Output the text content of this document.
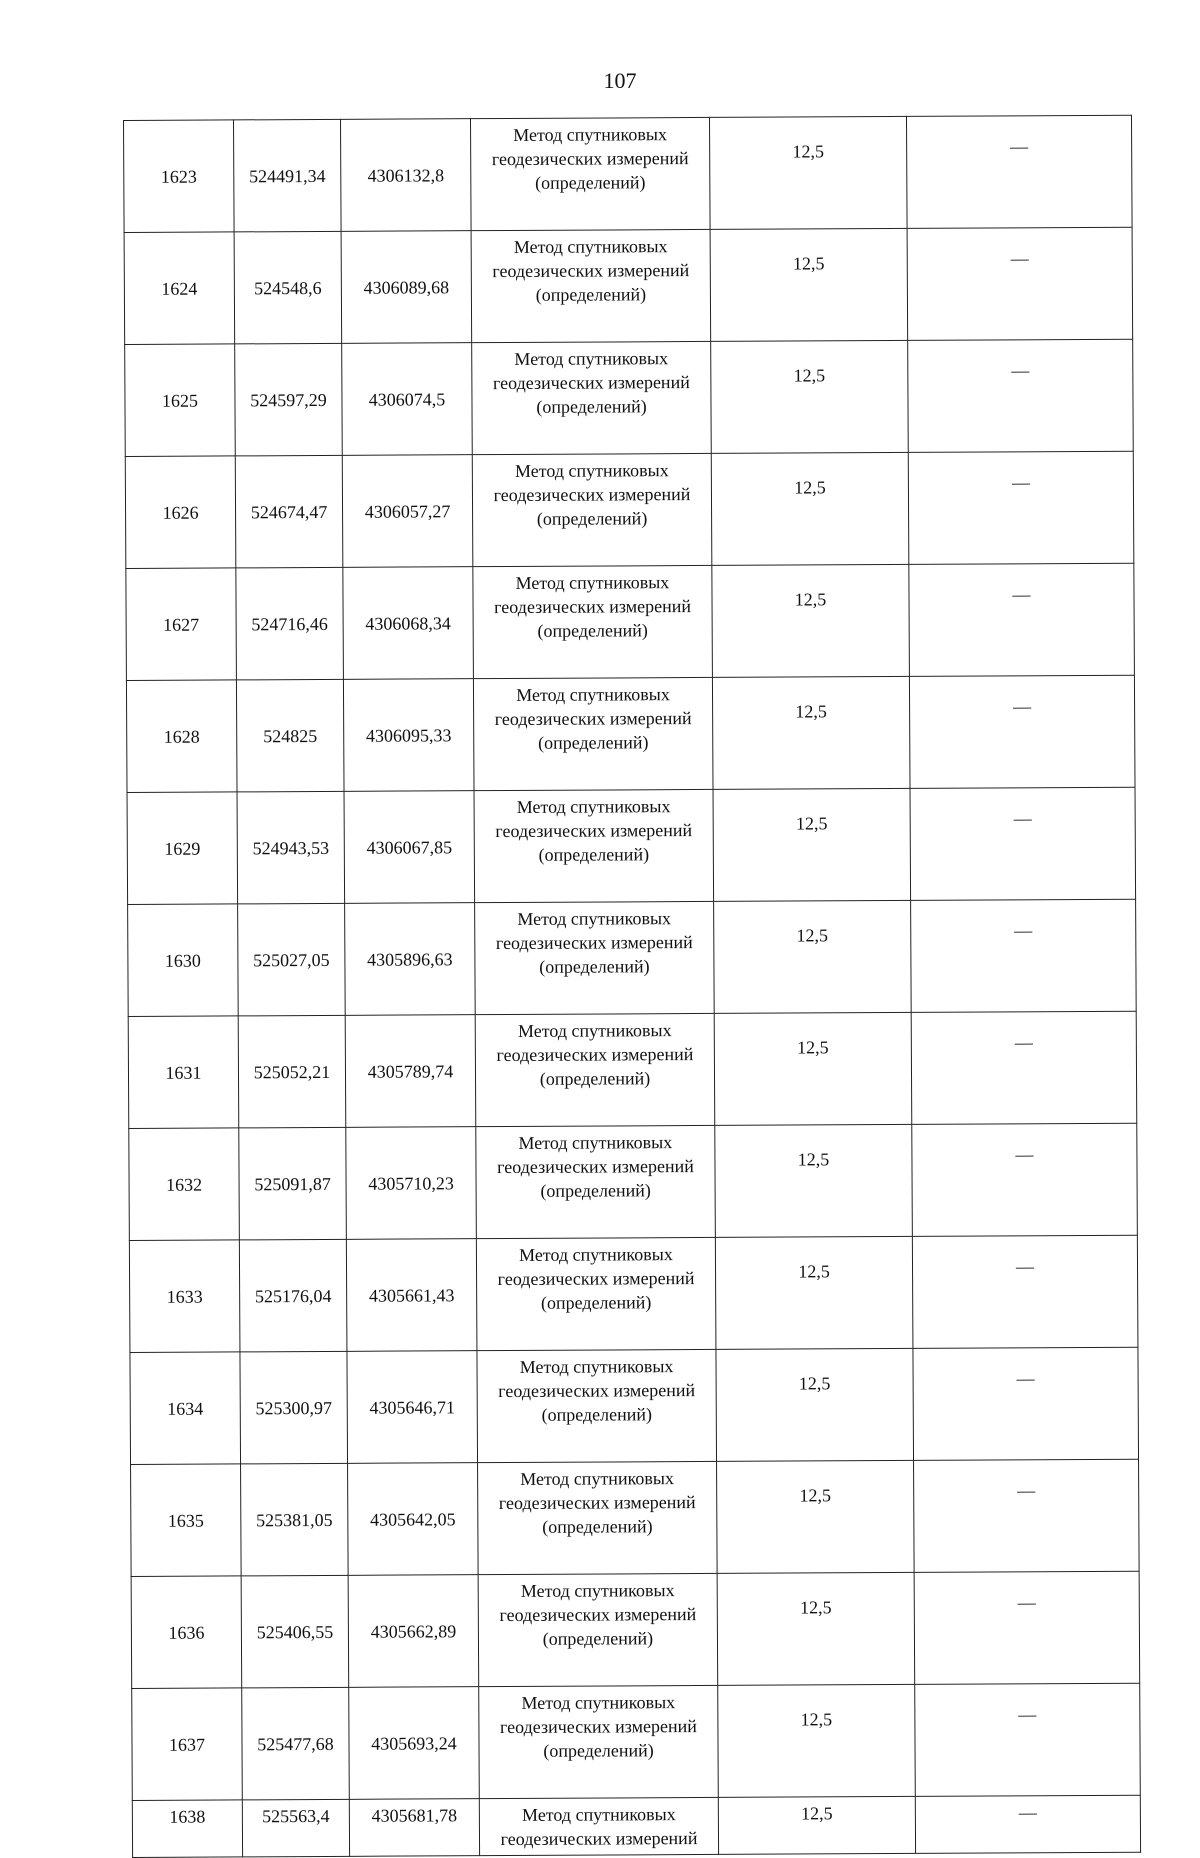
107
1623	524491,34	4306132,8	Метод спутниковых
геодезических измерений
(определений)	12,5	—
1624	524548,6	4306089,68	Метод спутниковых
геодезических измерений
(определений)	12,5	—
1625	524597,29	4306074,5	Метод спутниковых
геодезических измерений
(определений)	12,5	—
1626	524674,47	4306057,27	Метод спутниковых
геодезических измерений
(определений)	12,5	—
1627	524716,46	4306068,34	Метод спутниковых
геодезических измерений
(определений)	12,5	—
1628	524825	4306095,33	Метод спутниковых
геодезических измерений
(определений)	12,5	—
1629	524943,53	4306067,85	Метод спутниковых
геодезических измерений
(определений)	12,5	—
1630	525027,05	4305896,63	Метод спутниковых
геодезических измерений
(определений)	12,5	—
1631	525052,21	4305789,74	Метод спутниковых
геодезических измерений
(определений)	12,5	—
1632	525091,87	4305710,23	Метод спутниковых
геодезических измерений
(определений)	12,5	—
1633	525176,04	4305661,43	Метод спутниковых
геодезических измерений
(определений)	12,5	—
1634	525300,97	4305646,71	Метод спутниковых
геодезических измерений
(определений)	12,5	—
1635	525381,05	4305642,05	Метод спутниковых
геодезических измерений
(определений)	12,5	—
1636	525406,55	4305662,89	Метод спутниковых
геодезических измерений
(определений)	12,5	—
1637	525477,68	4305693,24	Метод спутниковых
геодезических измерений
(определений)	12,5	—
1638	525563,4	4305681,78	Метод спутниковых
геодезических измерений	12,5	—
